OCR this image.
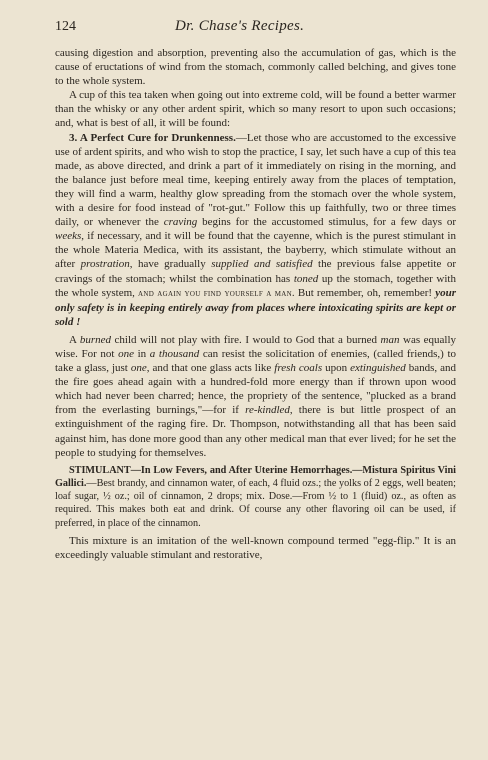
124	Dr. Chase's Recipes.

causing digestion and absorption, preventing also the accumulation of gas, which is the cause of eructations of wind from the stomach, commonly called belching, and gives tone to the whole system.

A cup of this tea taken when going out into extreme cold, will be found a better warmer than the whisky or any other ardent spirit, which so many resort to upon such occasions; and, what is best of all, it will be found:

3. A Perfect Cure for Drunkenness.—Let those who are accustomed to the excessive use of ardent spirits, and who wish to stop the practice, I say, let such have a cup of this tea made, as above directed, and drink a part of it immediately on rising in the morning, and the balance just before meal time, keeping entirely away from the places of temptation, they will find a warm, healthy glow spreading from the stomach over the whole system, with a desire for food instead of "rot-gut." Follow this up faithfully, two or three times daily, or whenever the craving begins for the accustomed stimulus, for a few days or weeks, if necessary, and it will be found that the cayenne, which is the purest stimulant in the whole Materia Medica, with its assistant, the bayberry, which stimulate without an after prostration, have gradually supplied and satisfied the previous false appetite or cravings of the stomach; whilst the combination has toned up the stomach, together with the whole system, and again you find yourself a man. But remember, oh, remember! your only safety is in keeping entirely away from places where intoxicating spirits are kept or sold !

A burned child will not play with fire. I would to God that a burned man was equally wise. For not one in a thousand can resist the solicitation of enemies, (called friends,) to take a glass, just one, and that one glass acts like fresh coals upon extinguished bands, and the fire goes ahead again with a hundred-fold more energy than if thrown upon wood which had never been charred; hence, the propriety of the sentence, "plucked as a brand from the everlasting burnings,"—for if re-kindled, there is but little prospect of an extinguishment of the raging fire. Dr. Thompson, notwithstanding all that has been said against him, has done more good than any other medical man that ever lived; for he set the people to studying for themselves.

STIMULANT—In Low Fevers, and After Uterine Hemorrhages.—Mistura Spiritus Vini Gallici.—Best brandy, and cinnamon water, of each, 4 fluid ozs.; the yolks of 2 eggs, well beaten; loaf sugar, ½ oz.; oil of cinnamon, 2 drops; mix. Dose.—From ½ to 1 (fluid) oz., as often as required. This makes both eat and drink. Of course any other flavoring oil can be used, if preferred, in place of the cinnamon.

This mixture is an imitation of the well-known compound termed "egg-flip." It is an exceedingly valuable stimulant and restorative,
